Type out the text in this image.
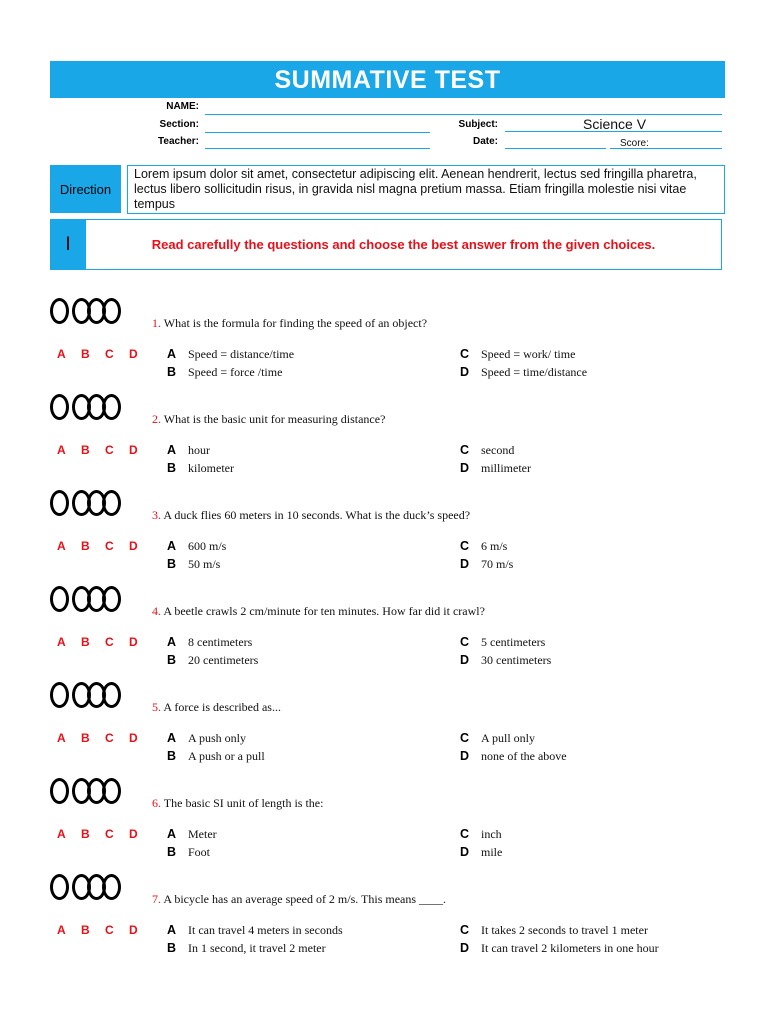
SUMMATIVE TEST
NAME:
Section:
Teacher:
Subject:	Science V
Date:	Score:
Direction
Lorem ipsum dolor sit amet, consectetur adipiscing elit. Aenean hendrerit, lectus sed fringilla pharetra, lectus libero sollicitudin risus, in gravida nisl magna pretium massa. Etiam fringilla molestie nisi vitae tempus
I	Read carefully the questions and choose the best answer from the given choices.
1. What is the formula for finding the speed of an object?
A	B	C	D	A Speed = distance/time
B Speed = force /time
C Speed = work/ time
D Speed = time/distance
2. What is the basic unit for measuring distance?
A	B	C	D	A hour
B kilometer
C second
D millimeter
3. A duck flies 60 meters in 10 seconds. What is the duck’s speed?
A	B	C	D	A 600 m/s
B 50 m/s
C 6 m/s
D 70 m/s
4. A beetle crawls 2 cm/minute for ten minutes. How far did it crawl?
A	B	C	D	A 8 centimeters
B 20 centimeters
C 5 centimeters
D 30 centimeters
5. A force is described as...
A	B	C	D	A A push only
B A push or a pull
C A pull only
D none of the above
6. The basic SI unit of length is the:
A	B	C	D	A Meter
B Foot
C inch
D mile
7. A bicycle has an average speed of 2 m/s. This means ____.
A	B	C	D	A It can travel 4 meters in seconds
B In 1 second, it travel 2 meter
C It takes 2 seconds to travel 1 meter
D It can travel 2 kilometers in one hour
